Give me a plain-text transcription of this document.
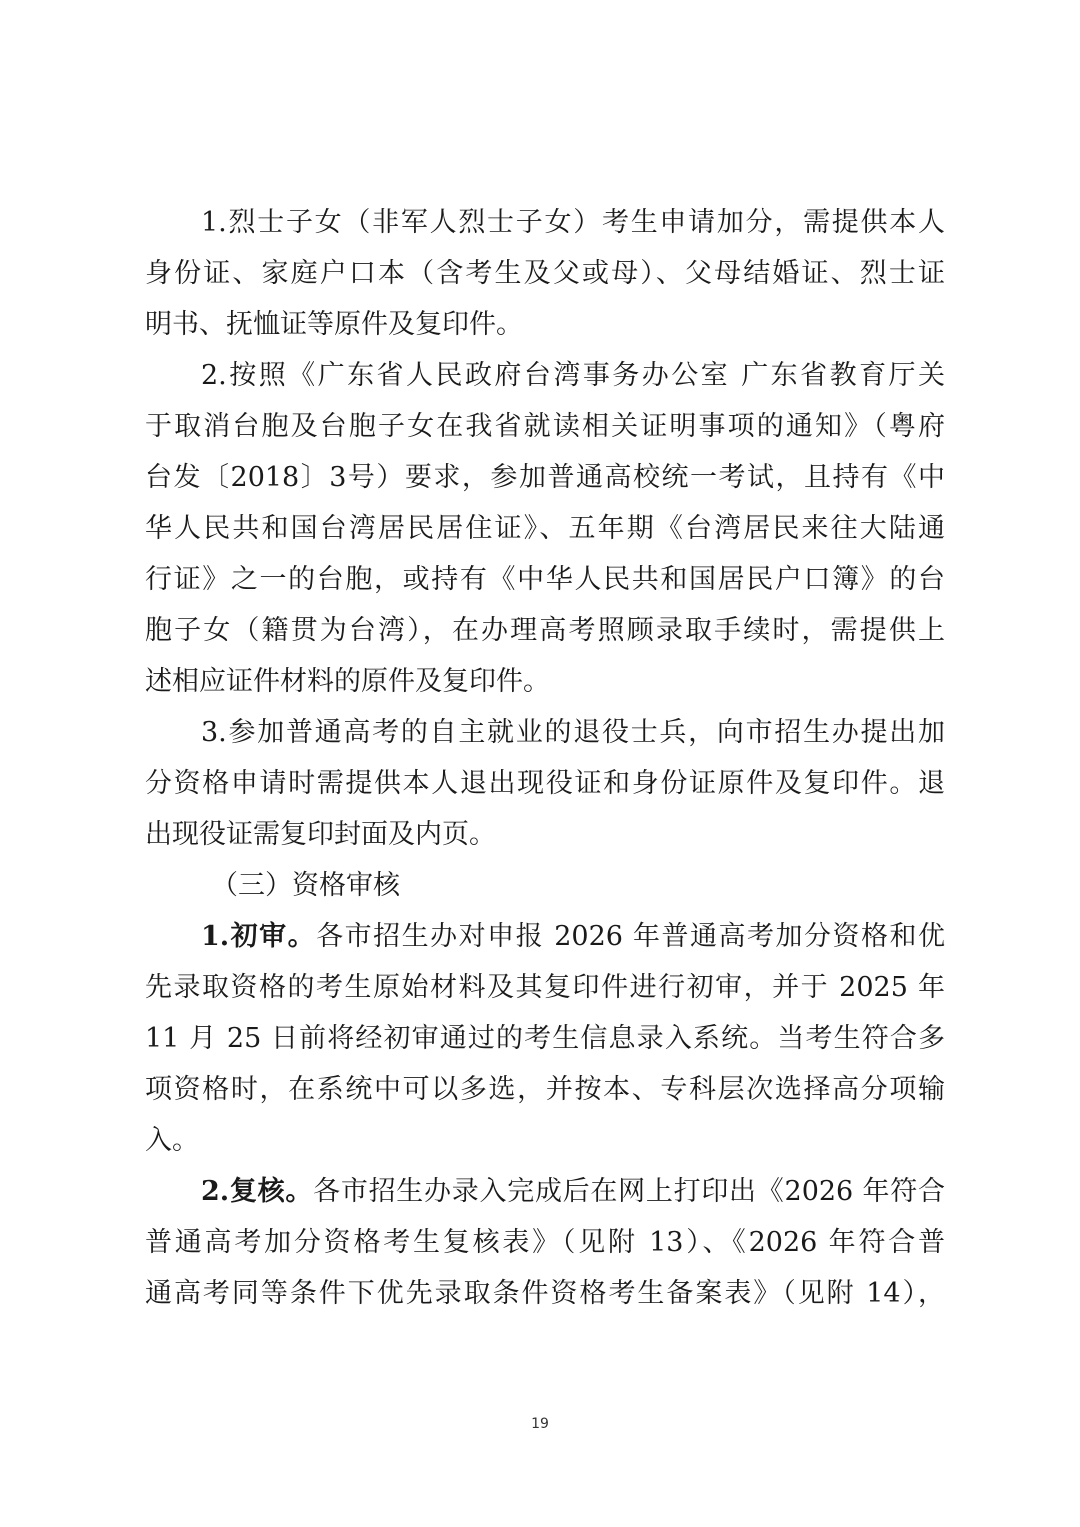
1.烈士子女（非军人烈士子女）考生申请加分，需提供本人
身份证、家庭户口本（含考生及父或母）、父母结婚证、烈士证
明书、抚恤证等原件及复印件。
2.按照《广东省人民政府台湾事务办公室 广东省教育厅关
于取消台胞及台胞子女在我省就读相关证明事项的通知》（粤府
台发〔2018〕3号）要求，参加普通高校统一考试，且持有《中
华人民共和国台湾居民居住证》、五年期《台湾居民来往大陆通
行证》之一的台胞，或持有《中华人民共和国居民户口簿》的台
胞子女（籍贯为台湾），在办理高考照顾录取手续时，需提供上
述相应证件材料的原件及复印件。
3.参加普通高考的自主就业的退役士兵，向市招生办提出加
分资格申请时需提供本人退出现役证和身份证原件及复印件。退
出现役证需复印封面及内页。
（三）资格审核
1.初审。各市招生办对申报 2026 年普通高考加分资格和优
先录取资格的考生原始材料及其复印件进行初审，并于 2025 年
11 月 25 日前将经初审通过的考生信息录入系统。当考生符合多
项资格时，在系统中可以多选，并按本、专科层次选择高分项输
入。
2.复核。各市招生办录入完成后在网上打印出《2026 年符合
普通高考加分资格考生复核表》（见附 13）、《2026 年符合普
通高考同等条件下优先录取条件资格考生备案表》（见附 14），
19
